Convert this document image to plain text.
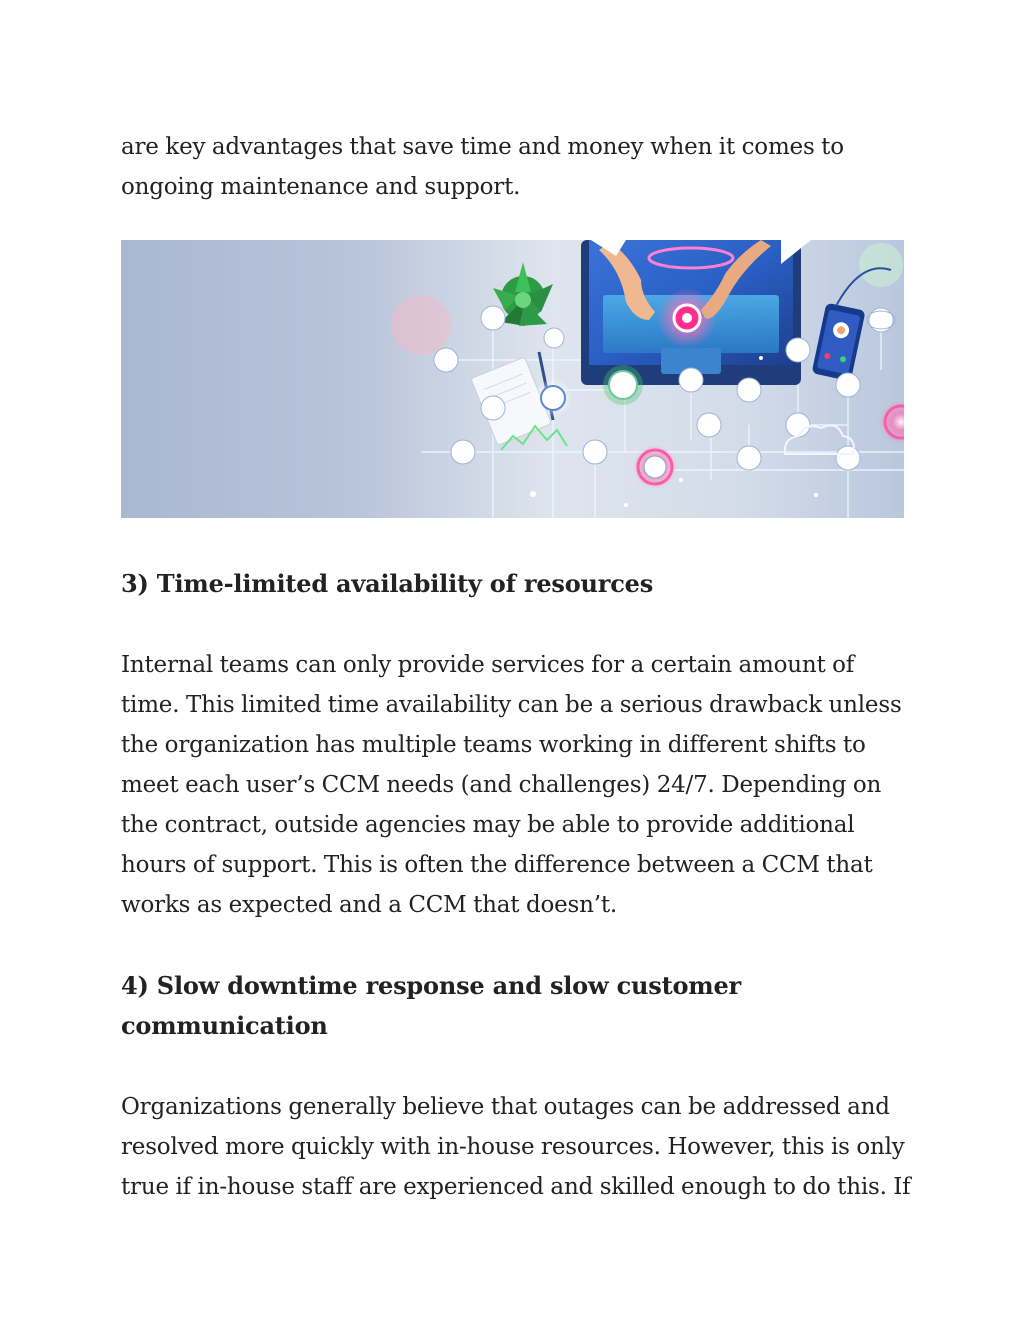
are key advantages that save time and money when it comes to ongoing maintenance and support.

3) Time-limited availability of resources

Internal teams can only provide services for a certain amount of time. This limited time availability can be a serious drawback unless the organization has multiple teams working in different shifts to meet each user’s CCM needs (and challenges) 24/7. Depending on the contract, outside agencies may be able to provide additional hours of support. This is often the difference between a CCM that works as expected and a CCM that doesn’t.

4) Slow downtime response and slow customer communication

Organizations generally believe that outages can be addressed and resolved more quickly with in-house resources. However, this is only true if in-house staff are experienced and skilled enough to do this. If
